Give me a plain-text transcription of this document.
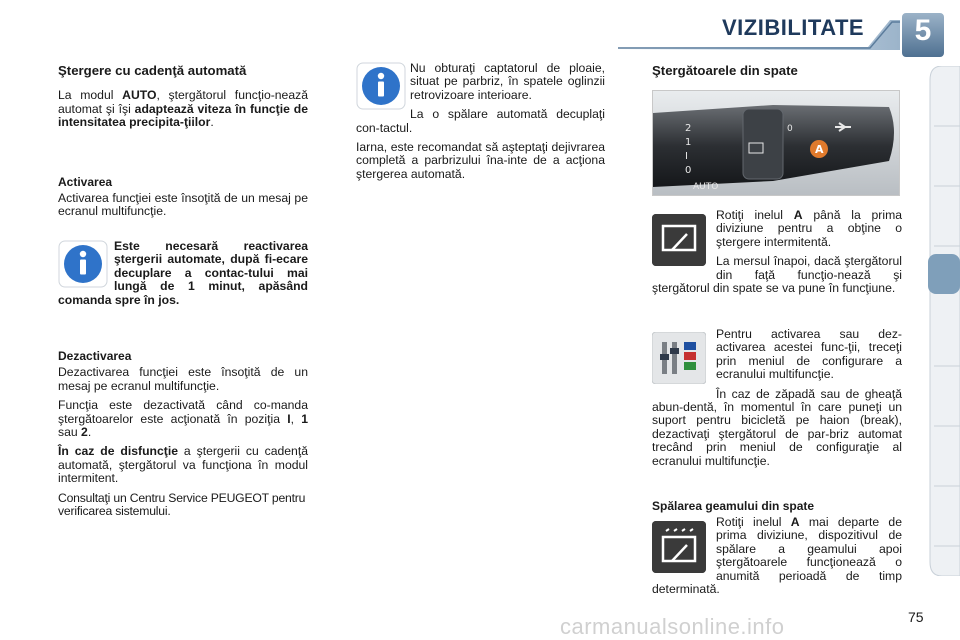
VIZIBILITATE	5
Ştergere cu cadenţă automată

La modul AUTO, ştergătorul funcţio-nează automat şi îşi adaptează viteza în funcţie de intensitatea precipita-ţiilor.

Activarea

Activarea funcţiei este însoţită de un mesaj pe ecranul multifuncţie.

Este necesară reactivarea ştergerii automate, după fi-ecare decuplare a contac-tului mai lungă de 1 minut, apăsând comanda spre în jos.

Dezactivarea

Dezactivarea funcţiei este însoţită de un mesaj pe ecranul multifuncţie.

Funcţia este dezactivată când co-manda ştergătoarelor este acţionată în poziţia I, 1 sau 2.

În caz de disfuncţie a ştergerii cu cadenţă automată, ştergătorul va funcţiona în modul intermitent.

Consultaţi un Centru Service PEUGEOT pentru verificarea sistemului.

Nu obturaţi captatorul de ploaie, situat pe parbriz, în spatele oglinzii retrovizoare interioare.

La o spălare automată decuplaţi con-tactul.

Iarna, este recomandat să aşteptaţi dejivrarea completă a parbrizului îna-inte de a acţiona ştergerea automată.

Ştergătoarele din spate
2
1
I
0
AUTO
0
A

Rotiţi inelul A până la prima diviziune pentru a obţine o ştergere intermitentă.

La mersul înapoi, dacă ştergătorul din faţă funcţio-nează şi ştergătorul din spate se va pune în funcţiune.

Pentru activarea sau dez-activarea acestei func-ţii, treceţi prin meniul de configurare a ecranului multifuncţie.

În caz de zăpadă sau de gheaţă abun-dentă, în momentul în care puneţi un suport pentru bicicletă pe haion (break), dezactivaţi ştergătorul de par-briz automat trecând prin meniul de configuraţie al ecranului multifuncţie.

Spălarea geamului din spate

Rotiţi inelul A mai departe de prima diviziune, dispozitivul de spălare a geamului apoi ştergătoarele funcţionează o anumită perioadă de timp determinată.

carmanualsonline.info	75
